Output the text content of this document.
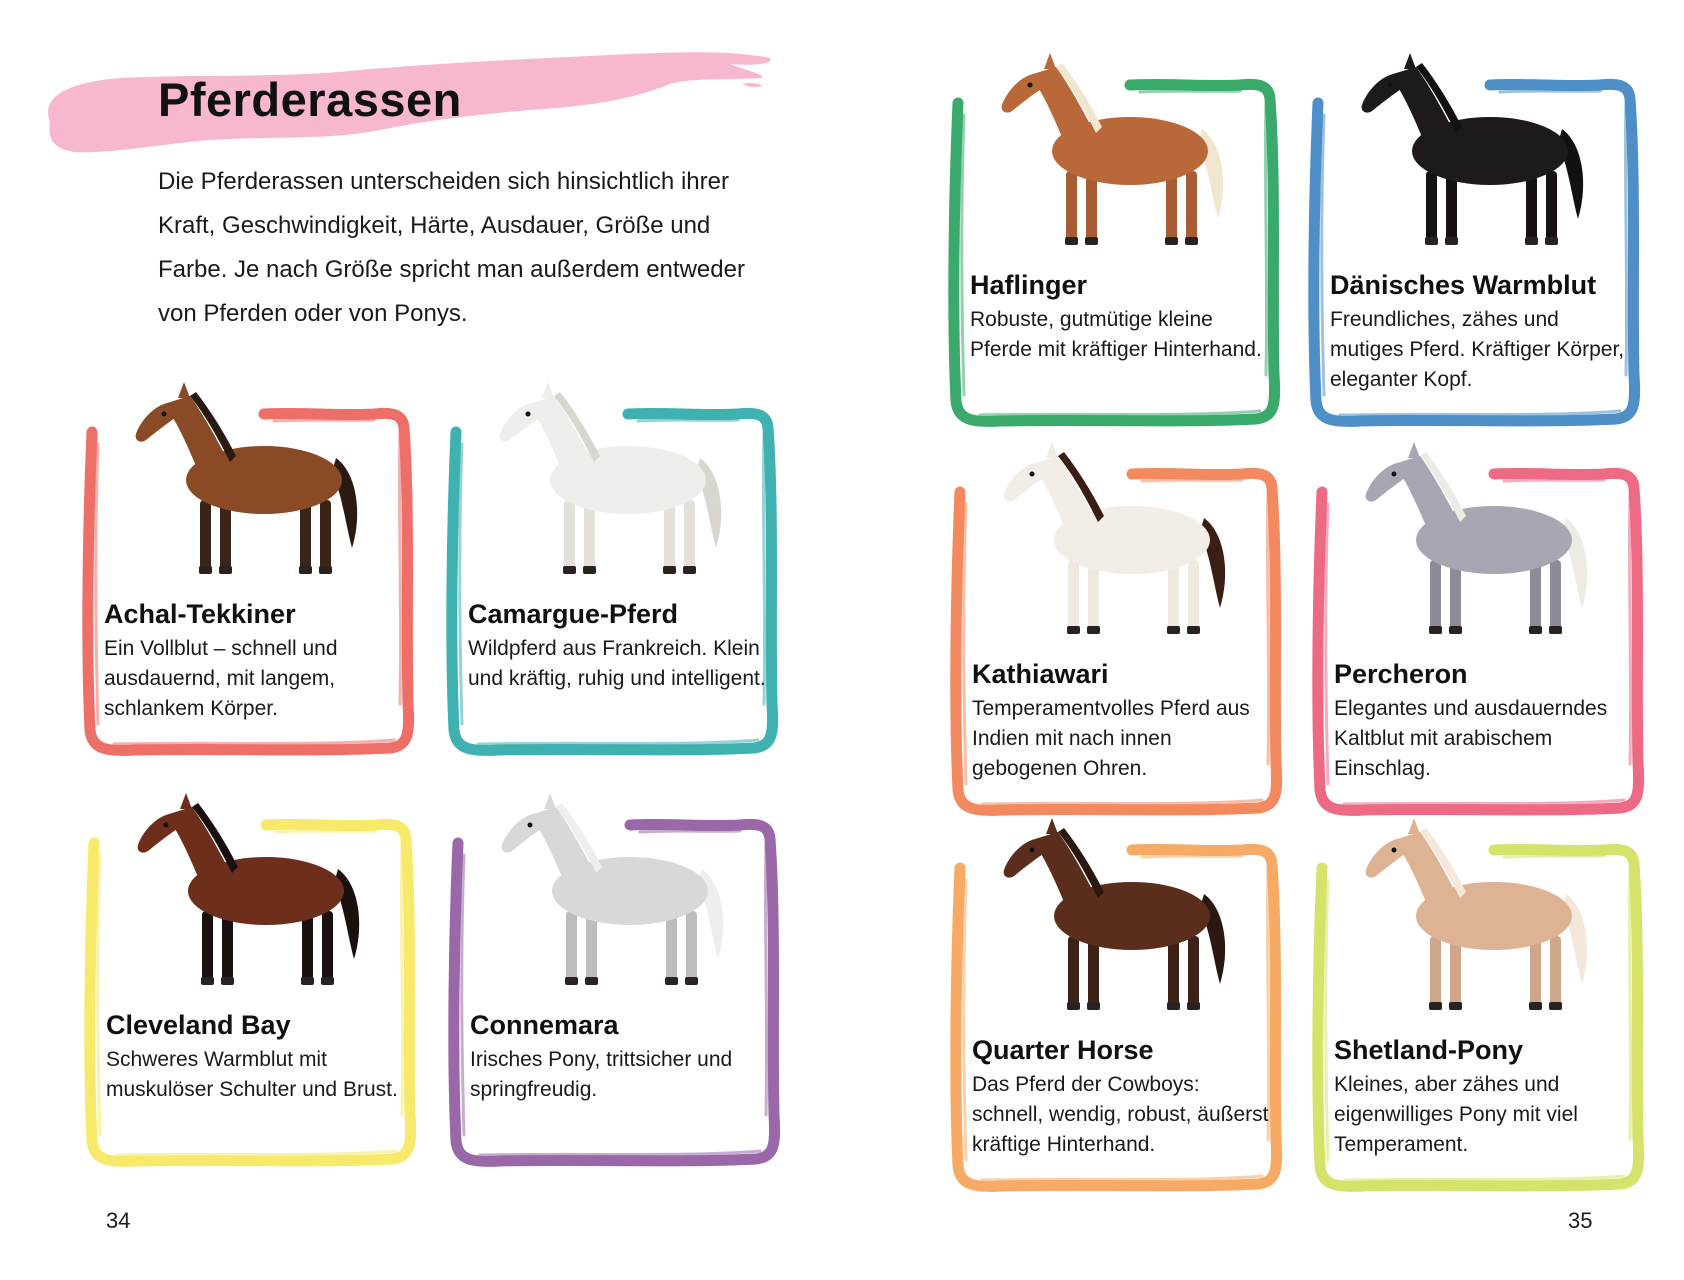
Pferderassen

Die Pferderassen unterscheiden sich hinsichtlich ihrer Kraft, Geschwindigkeit, Härte, Ausdauer, Größe und Farbe. Je nach Größe spricht man außerdem entweder von Pferden oder von Ponys.

Achal-Tekkiner

Ein Vollblut – schnell und ausdauernd, mit langem, schlankem Körper.

Camargue-Pferd

Wildpferd aus Frankreich. Klein und kräftig, ruhig und intelligent.

Cleveland Bay

Schweres Warmblut mit muskulöser Schulter und Brust.

Connemara

Irisches Pony, trittsicher und springfreudig.

Haflinger

Robuste, gutmütige kleine Pferde mit kräftiger Hinterhand.

Dänisches Warmblut

Freundliches, zähes und mutiges Pferd. Kräftiger Körper, eleganter Kopf.

Kathiawari

Temperamentvolles Pferd aus Indien mit nach innen gebogenen Ohren.

Percheron

Elegantes und ausdauerndes Kaltblut mit arabischem Einschlag.

Quarter Horse

Das Pferd der Cowboys: schnell, wendig, robust, äußerst kräftige Hinterhand.

Shetland-Pony

Kleines, aber zähes und eigenwilliges Pony mit viel Temperament.

34	35
